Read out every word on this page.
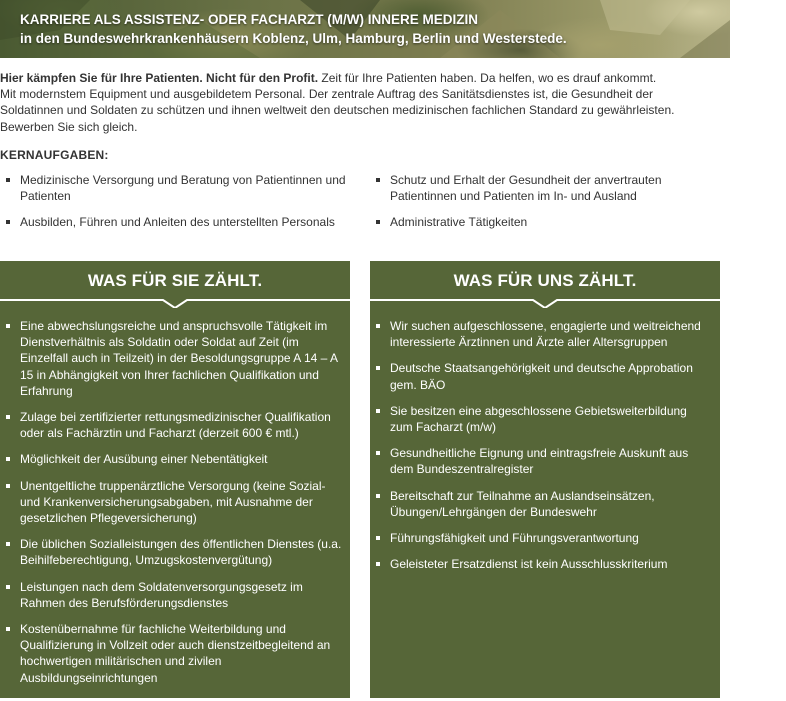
KARRIERE ALS ASSISTENZ- ODER FACHARZT (M/W) INNERE MEDIZIN
in den Bundeswehrkrankenhäusern Koblenz, Ulm, Hamburg, Berlin und Westerstede.
Hier kämpfen Sie für Ihre Patienten. Nicht für den Profit. Zeit für Ihre Patienten haben. Da helfen, wo es drauf ankommt.
Mit modernstem Equipment und ausgebildetem Personal. Der zentrale Auftrag des Sanitätsdienstes ist, die Gesundheit der
Soldatinnen und Soldaten zu schützen und ihnen weltweit den deutschen medizinischen fachlichen Standard zu gewährleisten.
Bewerben Sie sich gleich.
KERNAUFGABEN:
Medizinische Versorgung und Beratung von Patientinnen und Patienten
Schutz und Erhalt der Gesundheit der anvertrauten Patientinnen und Patienten im In- und Ausland
Ausbilden, Führen und Anleiten des unterstellten Personals	Administrative Tätigkeiten
WAS FÜR SIE ZÄHLT.
Eine abwechslungsreiche und anspruchsvolle Tätigkeit im Dienstverhältnis als Soldatin oder Soldat auf Zeit (im Einzelfall auch in Teilzeit) in der Besoldungsgruppe A 14 – A 15 in Abhängigkeit von Ihrer fachlichen Qualifikation und Erfahrung
Zulage bei zertifizierter rettungsmedizinischer Qualifikation oder als Fachärztin und Facharzt (derzeit 600 € mtl.)
Möglichkeit der Ausübung einer Nebentätigkeit
Unentgeltliche truppenärztliche Versorgung (keine Sozial- und Krankenversicherungsabgaben, mit Ausnahme der gesetzlichen Pflegeversicherung)
Die üblichen Sozialleistungen des öffentlichen Dienstes (u.a. Beihilfeberechtigung, Umzugskostenvergütung)
Leistungen nach dem Soldatenversorgungsgesetz im Rahmen des Berufsförderungsdienstes
Kostenübernahme für fachliche Weiterbildung und Qualifizierung in Vollzeit oder auch dienstzeitbegleitend an hochwertigen militärischen und zivilen Ausbildungseinrichtungen
WAS FÜR UNS ZÄHLT.
Wir suchen aufgeschlossene, engagierte und weitreichend interessierte Ärztinnen und Ärzte aller Altersgruppen
Deutsche Staatsangehörigkeit und deutsche Approbation gem. BÄO
Sie besitzen eine abgeschlossene Gebietsweiterbildung zum Facharzt (m/w)
Gesundheitliche Eignung und eintragsfreie Auskunft aus dem Bundeszentralregister
Bereitschaft zur Teilnahme an Auslandseinsätzen, Übungen/Lehrgängen der Bundeswehr
Führungsfähigkeit und Führungsverantwortung
Geleisteter Ersatzdienst ist kein Ausschlusskriterium
